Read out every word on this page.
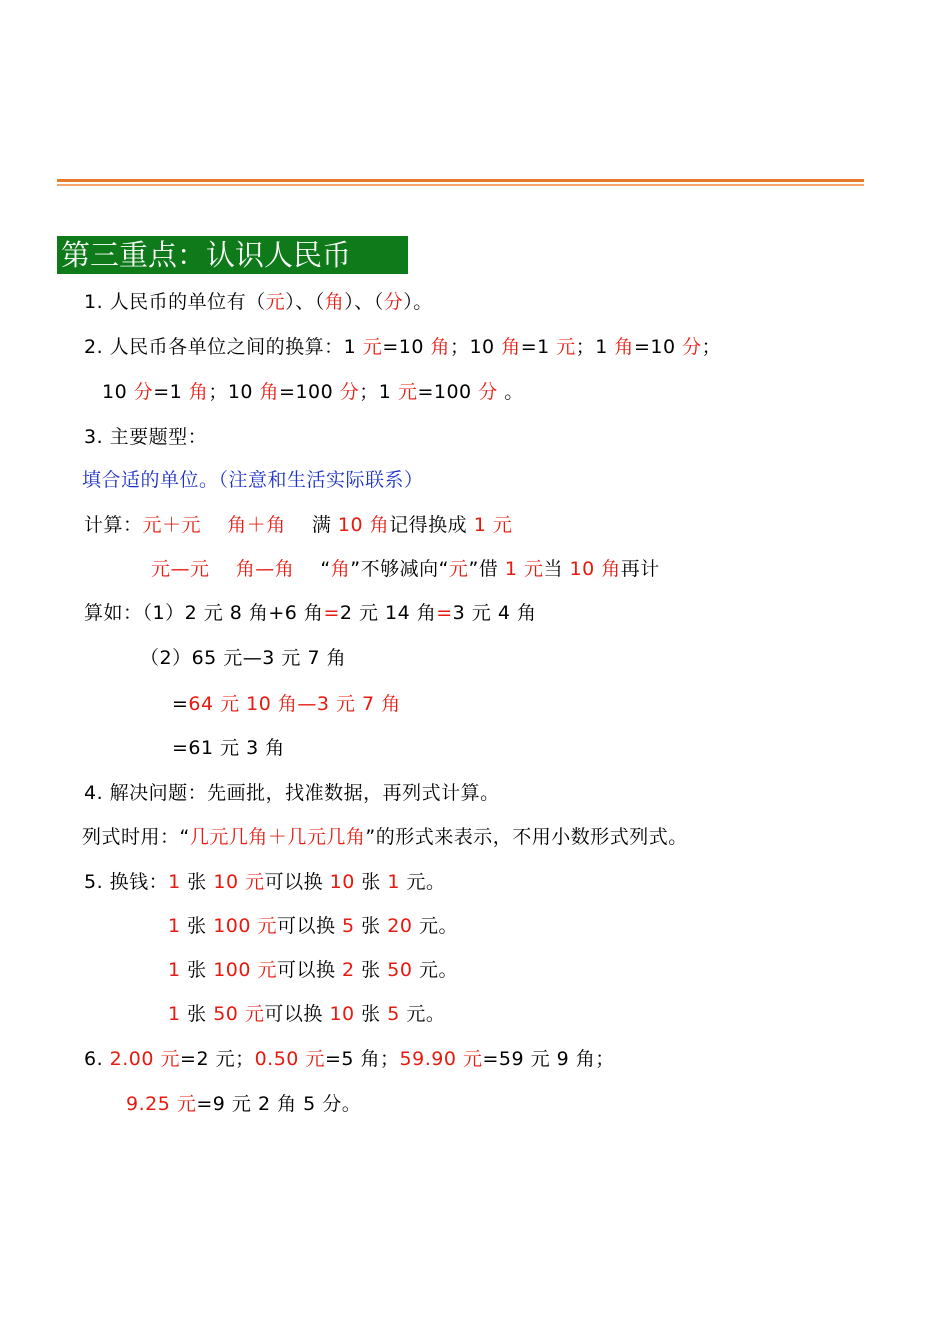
第三重点：认识人民币
1. 人民币的单位有（元）、（角）、（分）。
2. 人民币各单位之间的换算：1 元=10 角；10 角=1 元；1 角=10 分；
10 分=1 角；10 角=100 分；1 元=100 分 。
3. 主要题型：
填合适的单位。（注意和生活实际联系）
计算：元＋元 角＋角    满 10 角记得换成 1 元
元—元 角—角    “角”不够减向“元”借 1 元当 10 角再计
算如：（1）2 元 8 角+6 角=2 元 14 角=3 元 4 角
（2）65 元—3 元 7 角
=64 元 10 角—3 元 7 角
=61 元 3 角
4. 解决问题：先画批，找准数据，再列式计算。
列式时用：“几元几角＋几元几角”的形式来表示，不用小数形式列式。
5. 换钱：1 张 10 元可以换 10 张 1 元。
1 张 100 元可以换 5 张 20 元。
1 张 100 元可以换 2 张 50 元。
1 张 50 元可以换 10 张 5 元。
6. 2.00 元=2 元；0.50 元=5 角；59.90 元=59 元 9 角；
9.25 元=9 元 2 角 5 分。
